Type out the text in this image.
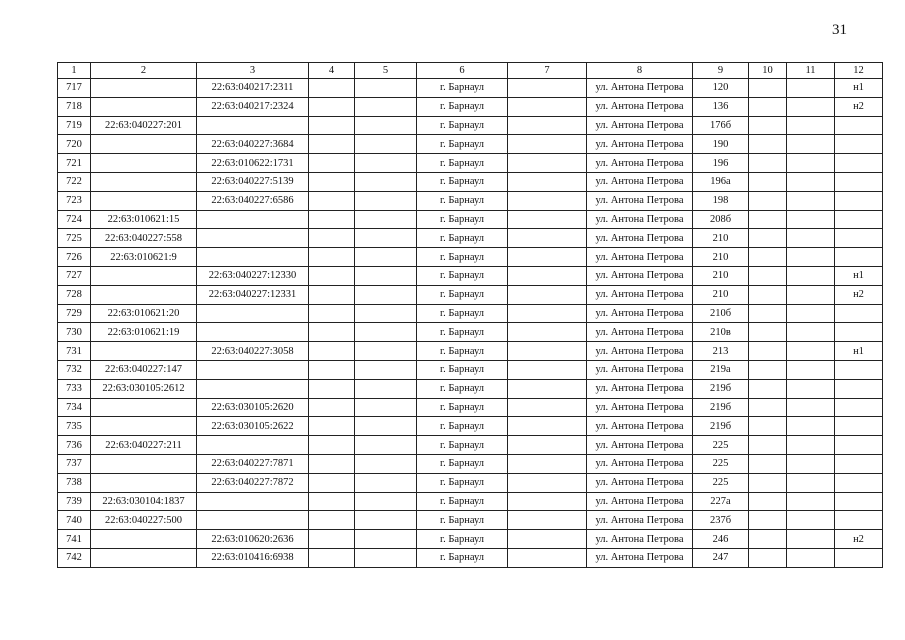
31
1	2	3	4	5	6	7	8	9	10	11	12
717		22:63:040217:2311			г. Барнаул		ул. Антона Петрова	120			н1
718		22:63:040217:2324			г. Барнаул		ул. Антона Петрова	136			н2
719	22:63:040227:201				г. Барнаул		ул. Антона Петрова	176б			
720		22:63:040227:3684			г. Барнаул		ул. Антона Петрова	190			
721		22:63:010622:1731			г. Барнаул		ул. Антона Петрова	196			
722		22:63:040227:5139			г. Барнаул		ул. Антона Петрова	196а			
723		22:63:040227:6586			г. Барнаул		ул. Антона Петрова	198			
724	22:63:010621:15				г. Барнаул		ул. Антона Петрова	208б			
725	22:63:040227:558				г. Барнаул		ул. Антона Петрова	210			
726	22:63:010621:9				г. Барнаул		ул. Антона Петрова	210			
727		22:63:040227:12330			г. Барнаул		ул. Антона Петрова	210			н1
728		22:63:040227:12331			г. Барнаул		ул. Антона Петрова	210			н2
729	22:63:010621:20				г. Барнаул		ул. Антона Петрова	210б			
730	22:63:010621:19				г. Барнаул		ул. Антона Петрова	210в			
731		22:63:040227:3058			г. Барнаул		ул. Антона Петрова	213			н1
732	22:63:040227:147				г. Барнаул		ул. Антона Петрова	219а			
733	22:63:030105:2612				г. Барнаул		ул. Антона Петрова	219б			
734		22:63:030105:2620			г. Барнаул		ул. Антона Петрова	219б			
735		22:63:030105:2622			г. Барнаул		ул. Антона Петрова	219б			
736	22:63:040227:211				г. Барнаул		ул. Антона Петрова	225			
737		22:63:040227:7871			г. Барнаул		ул. Антона Петрова	225			
738		22:63:040227:7872			г. Барнаул		ул. Антона Петрова	225			
739	22:63:030104:1837				г. Барнаул		ул. Антона Петрова	227а			
740	22:63:040227:500				г. Барнаул		ул. Антона Петрова	237б			
741		22:63:010620:2636			г. Барнаул		ул. Антона Петрова	246			н2
742		22:63:010416:6938			г. Барнаул		ул. Антона Петрова	247			
